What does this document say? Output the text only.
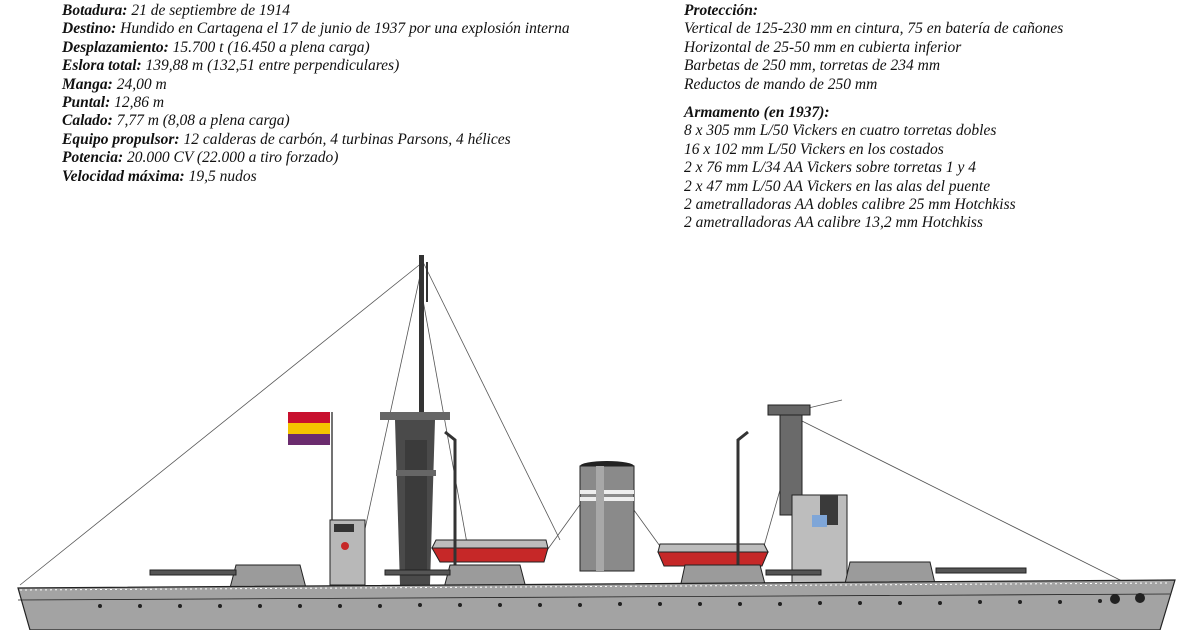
Botadura: 21 de septiembre de 1914
Destino: Hundido en Cartagena el 17 de junio de 1937 por una explosión interna
Desplazamiento: 15.700 t (16.450 a plena carga)
Eslora total: 139,88 m (132,51 entre perpendiculares)
Manga: 24,00 m
Puntal: 12,86 m
Calado: 7,77 m (8,08 a plena carga)
Equipo propulsor: 12 calderas de carbón, 4 turbinas Parsons, 4 hélices
Potencia: 20.000 CV (22.000 a tiro forzado)
Velocidad máxima: 19,5 nudos
Protección:
Vertical de 125-230 mm en cintura, 75 en batería de cañones
Horizontal de 25-50 mm en cubierta inferior
Barbetas de 250 mm, torretas de 234 mm
Reductos de mando de 250 mm
Armamento (en 1937):
8 x 305 mm L/50 Vickers en cuatro torretas dobles
16 x 102 mm L/50 Vickers en los costados
2 x 76 mm L/34 AA Vickers sobre torretas 1 y 4
2 x 47 mm L/50 AA Vickers en las alas del puente
2 ametralladoras AA dobles calibre 25 mm Hotchkiss
2 ametralladoras AA calibre 13,2 mm Hotchkiss
